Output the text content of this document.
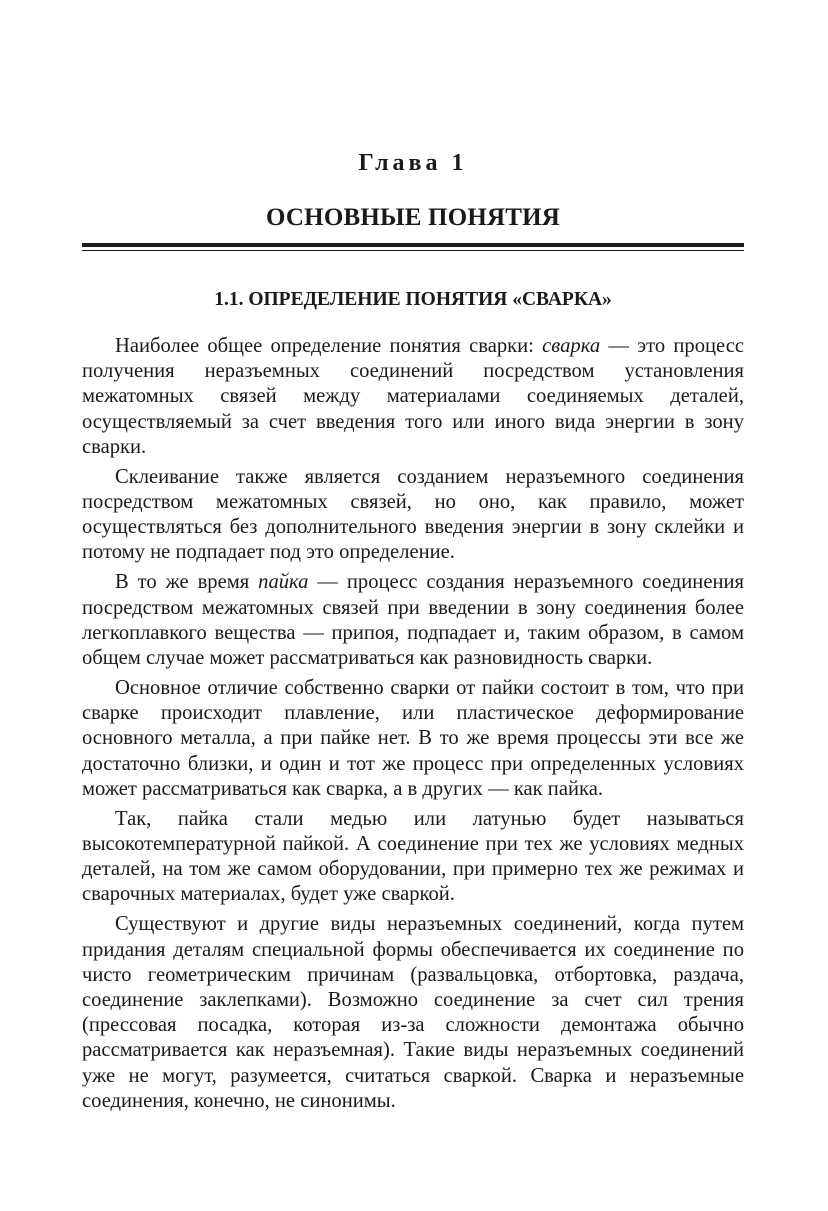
Глава 1
ОСНОВНЫЕ ПОНЯТИЯ
1.1. ОПРЕДЕЛЕНИЕ ПОНЯТИЯ «СВАРКА»

Наиболее общее определение понятия сварки: сварка — это процесс получения неразъемных соединений посредством установления межатомных связей между материалами соединяемых деталей, осуществляемый за счет введения того или иного вида энергии в зону сварки.

Склеивание также является созданием неразъемного соединения посредством межатомных связей, но оно, как правило, может осуществляться без дополнительного введения энергии в зону склейки и потому не подпадает под это определение.

В то же время пайка — процесс создания неразъемного соединения посредством межатомных связей при введении в зону соединения более легкоплавкого вещества — припоя, подпадает и, таким образом, в самом общем случае может рассматриваться как разновидность сварки.

Основное отличие собственно сварки от пайки состоит в том, что при сварке происходит плавление, или пластическое деформирование основного металла, а при пайке нет. В то же время процессы эти все же достаточно близки, и один и тот же процесс при определенных условиях может рассматриваться как сварка, а в других — как пайка.

Так, пайка стали медью или латунью будет называться высокотемпературной пайкой. А соединение при тех же условиях медных деталей, на том же самом оборудовании, при примерно тех же режимах и сварочных материалах, будет уже сваркой.

Существуют и другие виды неразъемных соединений, когда путем придания деталям специальной формы обеспечивается их соединение по чисто геометрическим причинам (развальцовка, отбортовка, раздача, соединение заклепками). Возможно соединение за счет сил трения (прессовая посадка, которая из-за сложности демонтажа обычно рассматривается как неразъемная). Такие виды неразъемных соединений уже не могут, разумеется, считаться сваркой. Сварка и неразъемные соединения, конечно, не синонимы.
